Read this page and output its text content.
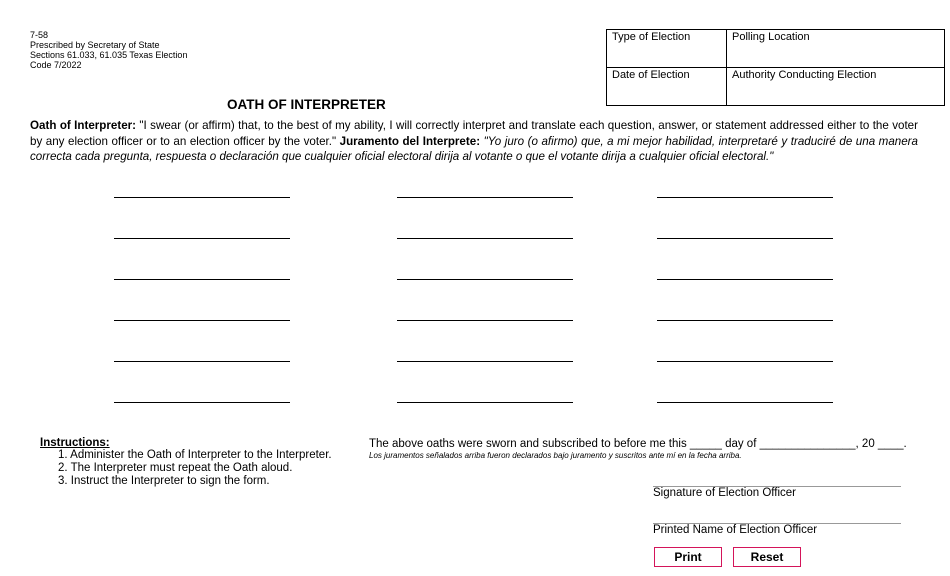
7-58
Prescribed by Secretary of State
Sections 61.033, 61.035 Texas Election
Code 7/2022
Type of Election	Polling Location
Date of Election	Authority Conducting Election
OATH OF INTERPRETER
Oath of Interpreter: "I swear (or affirm) that, to the best of my ability, I will correctly interpret and translate each question, answer, or statement addressed either to the voter by any election officer or to an election officer by the voter." Juramento del Interprete: "Yo juro (o afirmo) que, a mi mejor habilidad, interpretaré y traduciré de una manera correcta cada pregunta, respuesta o declaración que cualquier oficial electoral dirija al votante o que el votante dirija a cualquier oficial electoral."
Instructions:
1. Administer the Oath of Interpreter to the Interpreter.
2. The Interpreter must repeat the Oath aloud.
3. Instruct the Interpreter to sign the form.
The above oaths were sworn and subscribed to before me this _____ day of _______________, 20 ____.
Los juramentos señalados arriba fueron declarados bajo juramento y suscritos ante mí en la fecha arriba.
Signature of Election Officer
Printed Name of Election Officer
Print	Reset
